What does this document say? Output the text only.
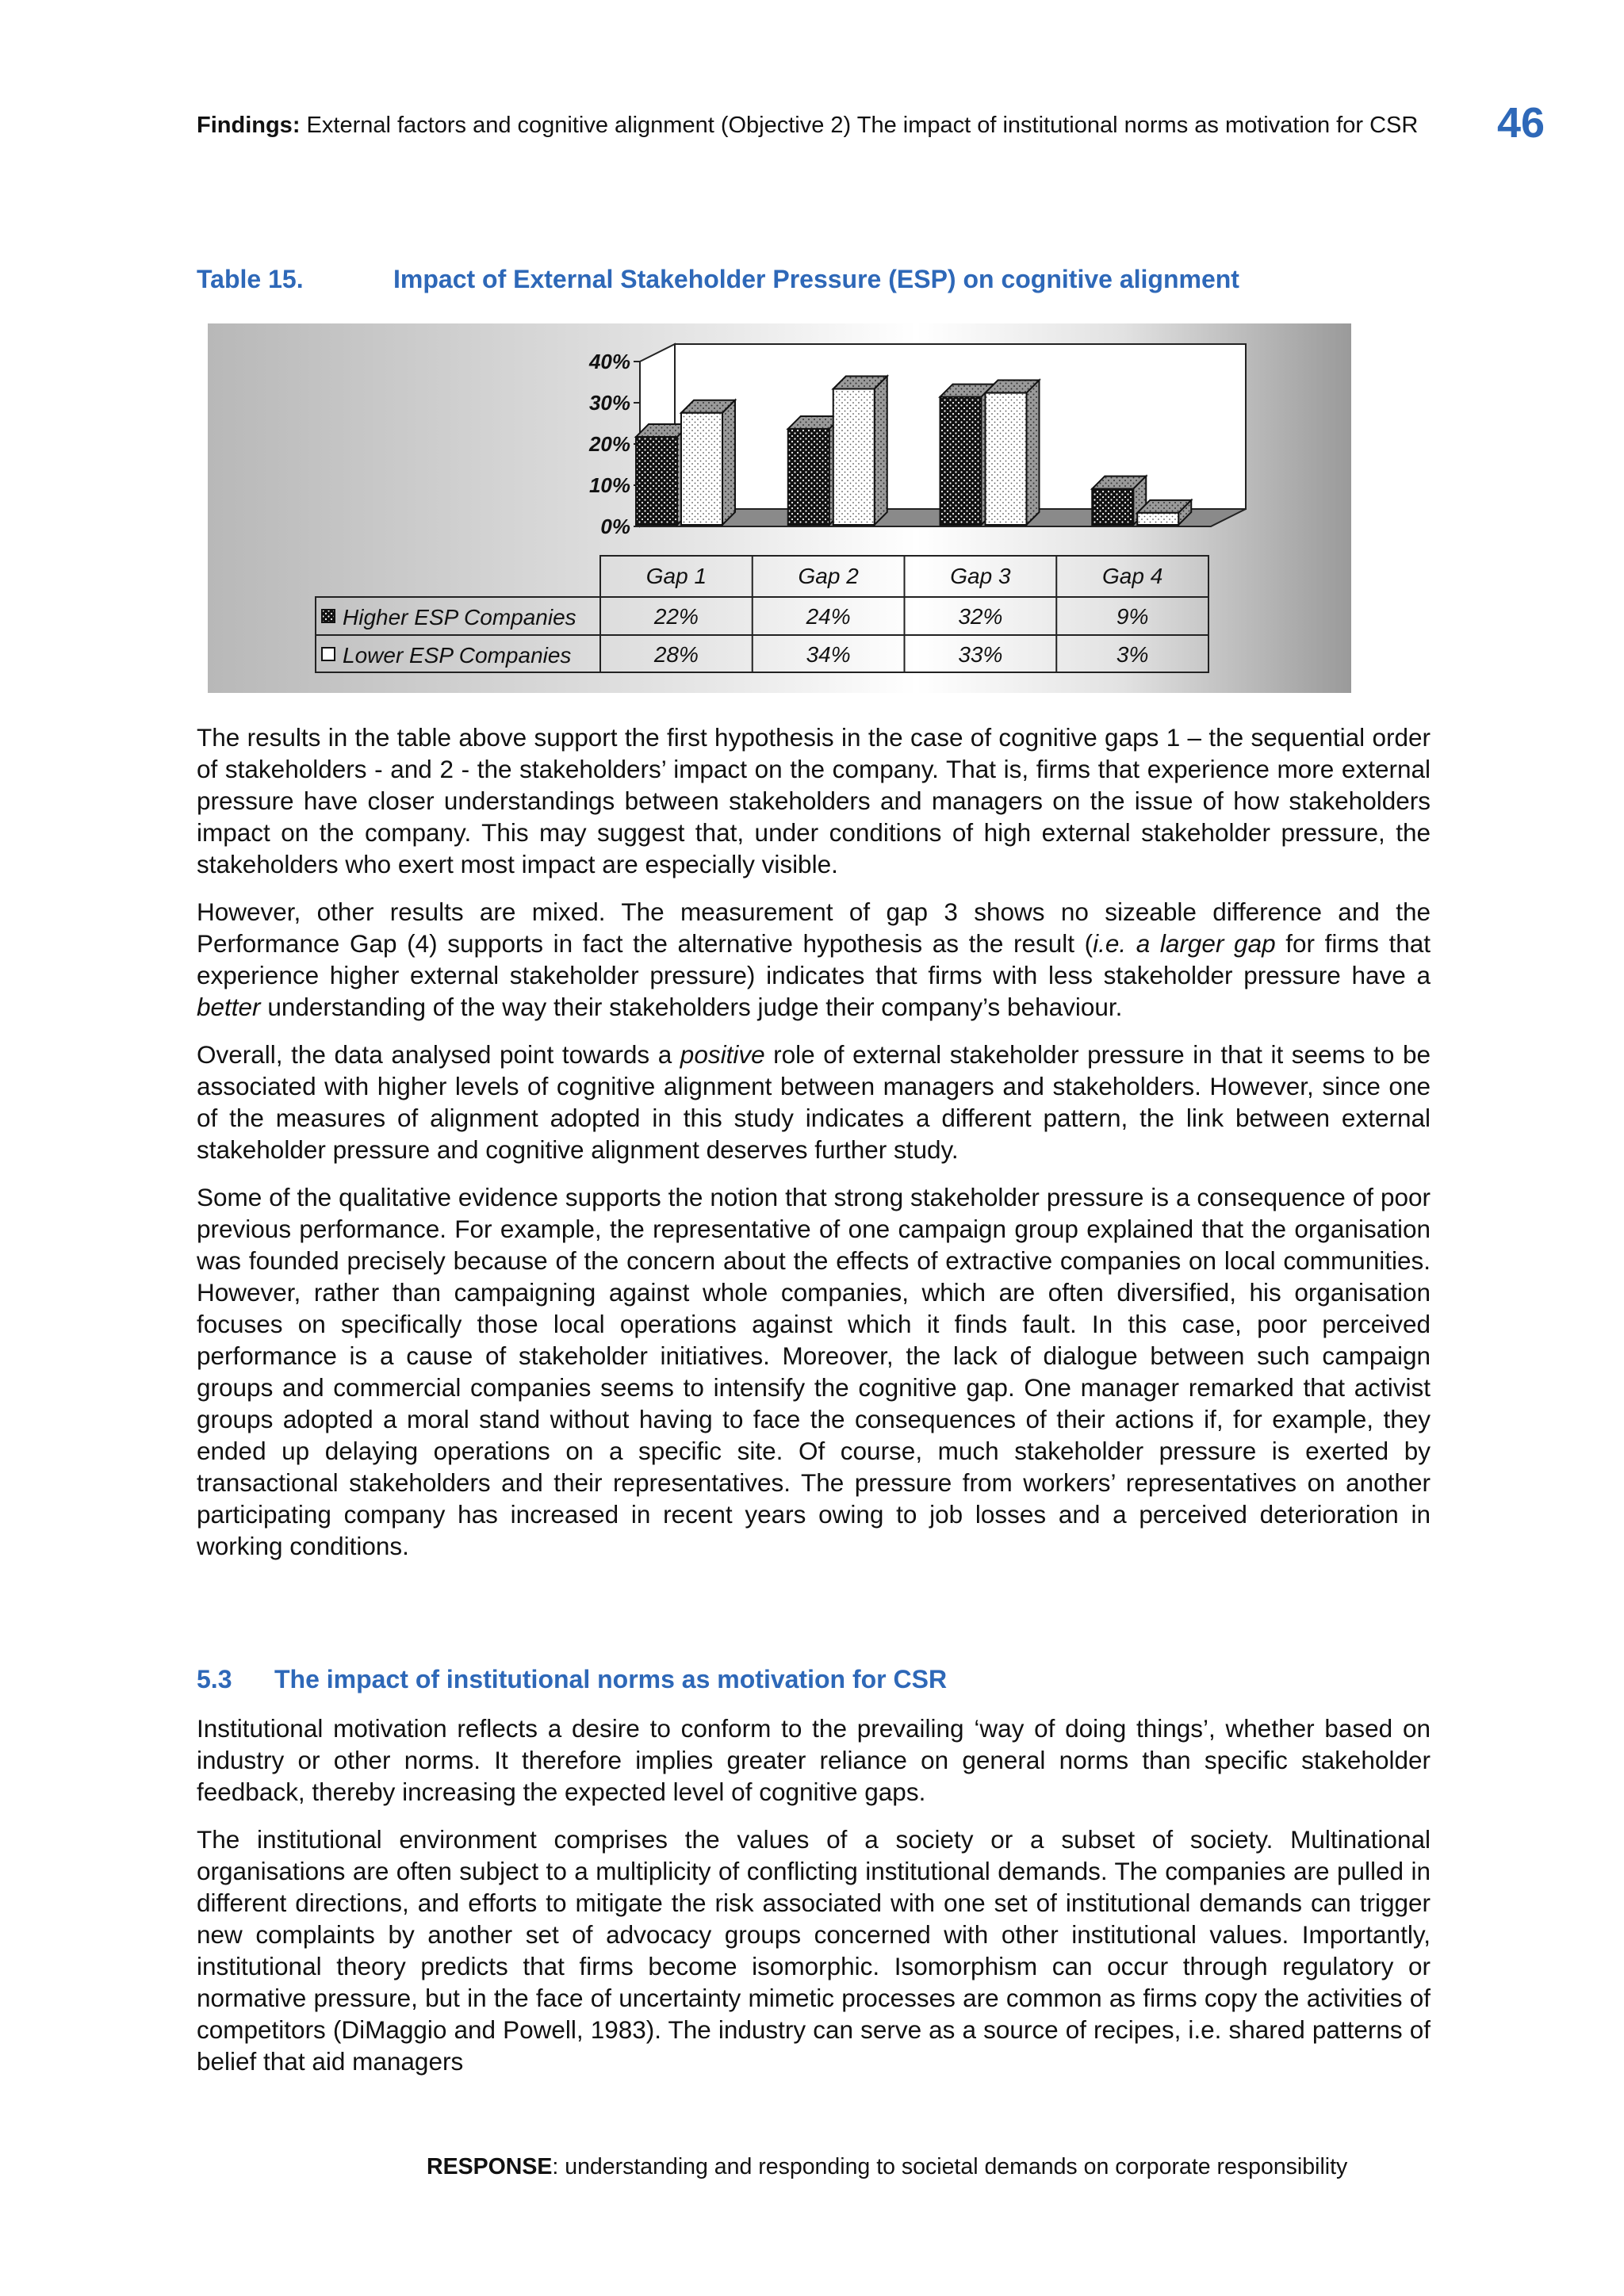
Findings: External factors and cognitive alignment (Objective 2) The impact of institutional norms as motivation for CSR	46
Table 15.	Impact of External Stakeholder Pressure (ESP) on cognitive alignment
40%
30%
20%
10%
0%
Gap 1
22%
28%
Gap 2
24%
34%
Gap 3
32%
33%
Gap 4
9%
3%
Higher ESP Companies
Lower ESP Companies

The results in the table above support the first hypothesis in the case of cognitive gaps 1 – the sequential order of stakeholders - and 2 - the stakeholders’ impact on the company. That is, firms that experience more external pressure have closer understandings between stakeholders and managers on the issue of how stakeholders impact on the company. This may suggest that, under conditions of high external stakeholder pressure, the stakeholders who exert most impact are especially visible.

However, other results are mixed. The measurement of gap 3 shows no sizeable difference and the Performance Gap (4) supports in fact the alternative hypothesis as the result (i.e. a larger gap for firms that experience higher external stakeholder pressure) indicates that firms with less stakeholder pressure have a better understanding of the way their stakeholders judge their company’s behaviour.

Overall, the data analysed point towards a positive role of external stakeholder pressure in that it seems to be associated with higher levels of cognitive alignment between managers and stakeholders. However, since one of the measures of alignment adopted in this study indicates a different pattern, the link between external stakeholder pressure and cognitive alignment deserves further study.

Some of the qualitative evidence supports the notion that strong stakeholder pressure is a consequence of poor previous performance. For example, the representative of one campaign group explained that the organisation was founded precisely because of the concern about the effects of extractive companies on local communities. However, rather than campaigning against whole companies, which are often diversified, his organisation focuses on specifically those local operations against which it finds fault. In this case, poor perceived performance is a cause of stakeholder initiatives. Moreover, the lack of dialogue between such campaign groups and commercial companies seems to intensify the cognitive gap. One manager remarked that activist groups adopted a moral stand without having to face the consequences of their actions if, for example, they ended up delaying operations on a specific site. Of course, much stakeholder pressure is exerted by transactional stakeholders and their representatives. The pressure from workers’ representatives on another participating company has increased in recent years owing to job losses and a perceived deterioration in working conditions.

5.3 The impact of institutional norms as motivation for CSR

Institutional motivation reflects a desire to conform to the prevailing ‘way of doing things’, whether based on industry or other norms. It therefore implies greater reliance on general norms than specific stakeholder feedback, thereby increasing the expected level of cognitive gaps.

The institutional environment comprises the values of a society or a subset of society. Multinational organisations are often subject to a multiplicity of conflicting institutional demands. The companies are pulled in different directions, and efforts to mitigate the risk associated with one set of institutional demands can trigger new complaints by another set of advocacy groups concerned with other institutional values. Importantly, institutional theory predicts that firms become isomorphic. Isomorphism can occur through regulatory or normative pressure, but in the face of uncertainty mimetic processes are common as firms copy the activities of competitors (DiMaggio and Powell, 1983). The industry can serve as a source of recipes, i.e. shared patterns of belief that aid managers

RESPONSE: understanding and responding to societal demands on corporate responsibility
